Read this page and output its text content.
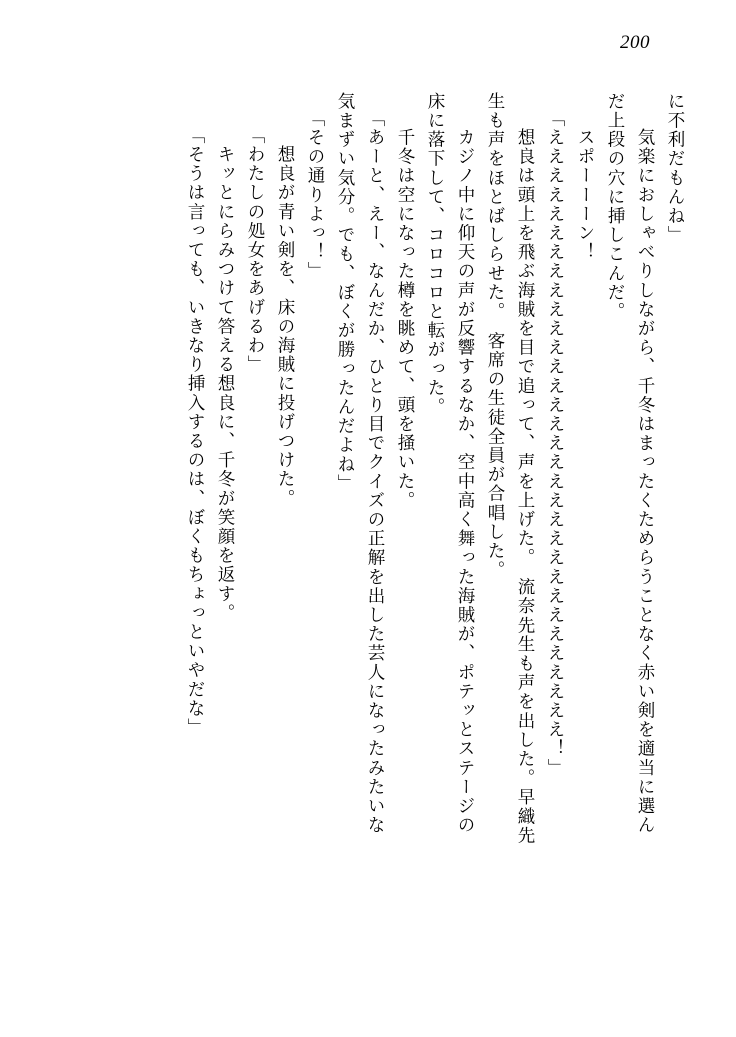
200
に不利だもんね」
　気楽におしゃべりしながら、千冬はまったくためらうことなく赤い剣を適当に選ん
だ上段の穴に挿しこんだ。
　スポーーーン！
「ええええええええええええええええええええええええええええええええ！」
　想良は頭上を飛ぶ海賊を目で追って、声を上げた。　流奈先生も声を出した。早織先
生も声をほとばしらせた。　客席の生徒全員が合唱した。
　カジノ中に仰天の声が反響するなか、空中高く舞った海賊が、ポテッとステージの
床に落下して、コロコロと転がった。
　千冬は空になった樽を眺めて、頭を掻いた。
「あーと、えー、なんだか、ひとり目でクイズの正解を出した芸人になったみたいな
気まずい気分。でも、ぼくが勝ったんだよね」
「その通りよっ！」
　想良が青い剣を、床の海賊に投げつけた。
「わたしの処女をあげるわ」
　キッとにらみつけて答える想良に、千冬が笑顔を返す。
「そうは言っても、いきなり挿入するのは、ぼくもちょっといやだな」
